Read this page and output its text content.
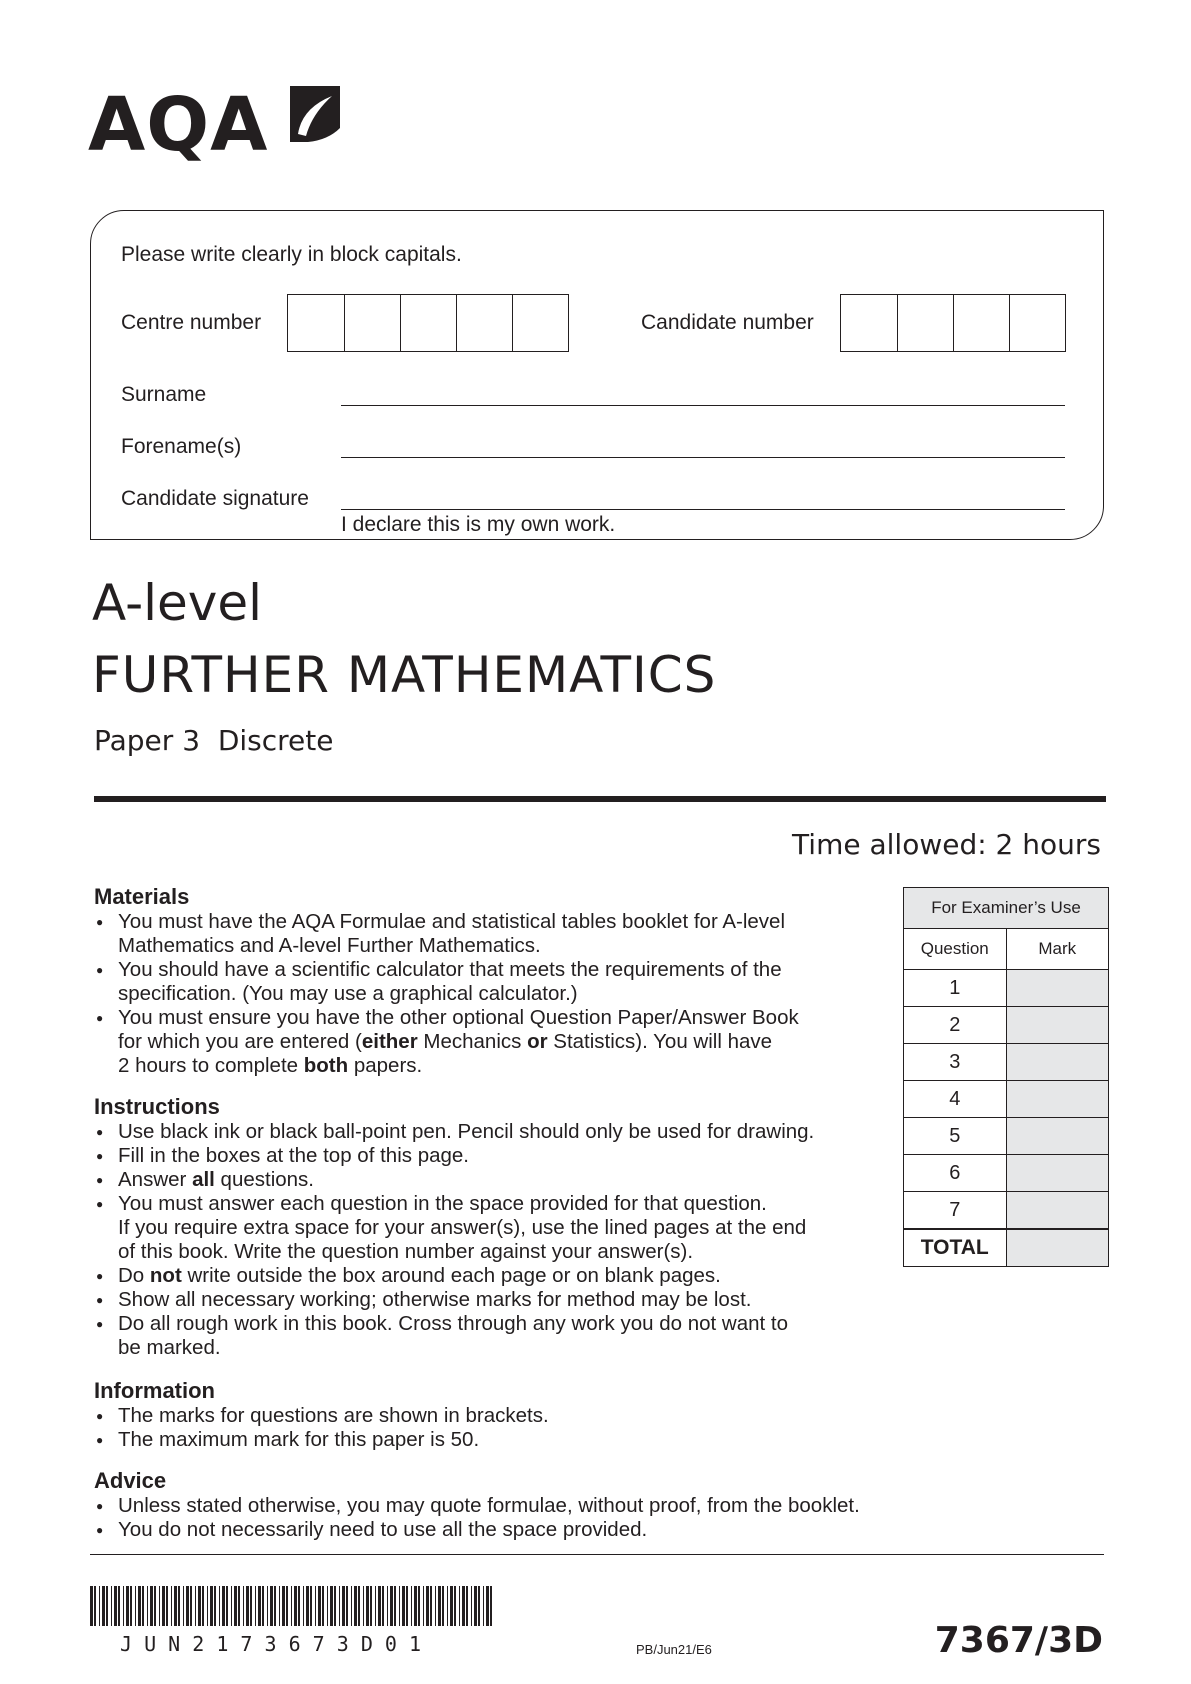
AQA
Please write clearly in block capitals.
Centre number	Candidate number
Surname
Forename(s)
Candidate signature
I declare this is my own work.
A-level
FURTHER MATHEMATICS
Paper 3  Discrete
Time allowed: 2 hours
Materials
● You must have the AQA Formulae and statistical tables booklet for A-level
Mathematics and A-level Further Mathematics.
● You should have a scientific calculator that meets the requirements of the
specification. (You may use a graphical calculator.)
● You must ensure you have the other optional Question Paper/Answer Book
for which you are entered (either Mechanics or Statistics). You will have
2 hours to complete both papers.
Instructions
● Use black ink or black ball-point pen. Pencil should only be used for drawing.
● Fill in the boxes at the top of this page.
● Answer all questions.
● You must answer each question in the space provided for that question.
If you require extra space for your answer(s), use the lined pages at the end
of this book. Write the question number against your answer(s).
● Do not write outside the box around each page or on blank pages.
● Show all necessary working; otherwise marks for method may be lost.
● Do all rough work in this book. Cross through any work you do not want to
be marked.
Information
● The marks for questions are shown in brackets.
● The maximum mark for this paper is 50.
Advice
● Unless stated otherwise, you may quote formulae, without proof, from the booklet.
● You do not necessarily need to use all the space provided.
For Examiner’s Use	
Question	Mark
1	
2	
3	
4	
5	
6	
7	
TOTAL	
J U N 2 1 7 3 6 7 3 D 0 1	PB/Jun21/E6	7367/3D
